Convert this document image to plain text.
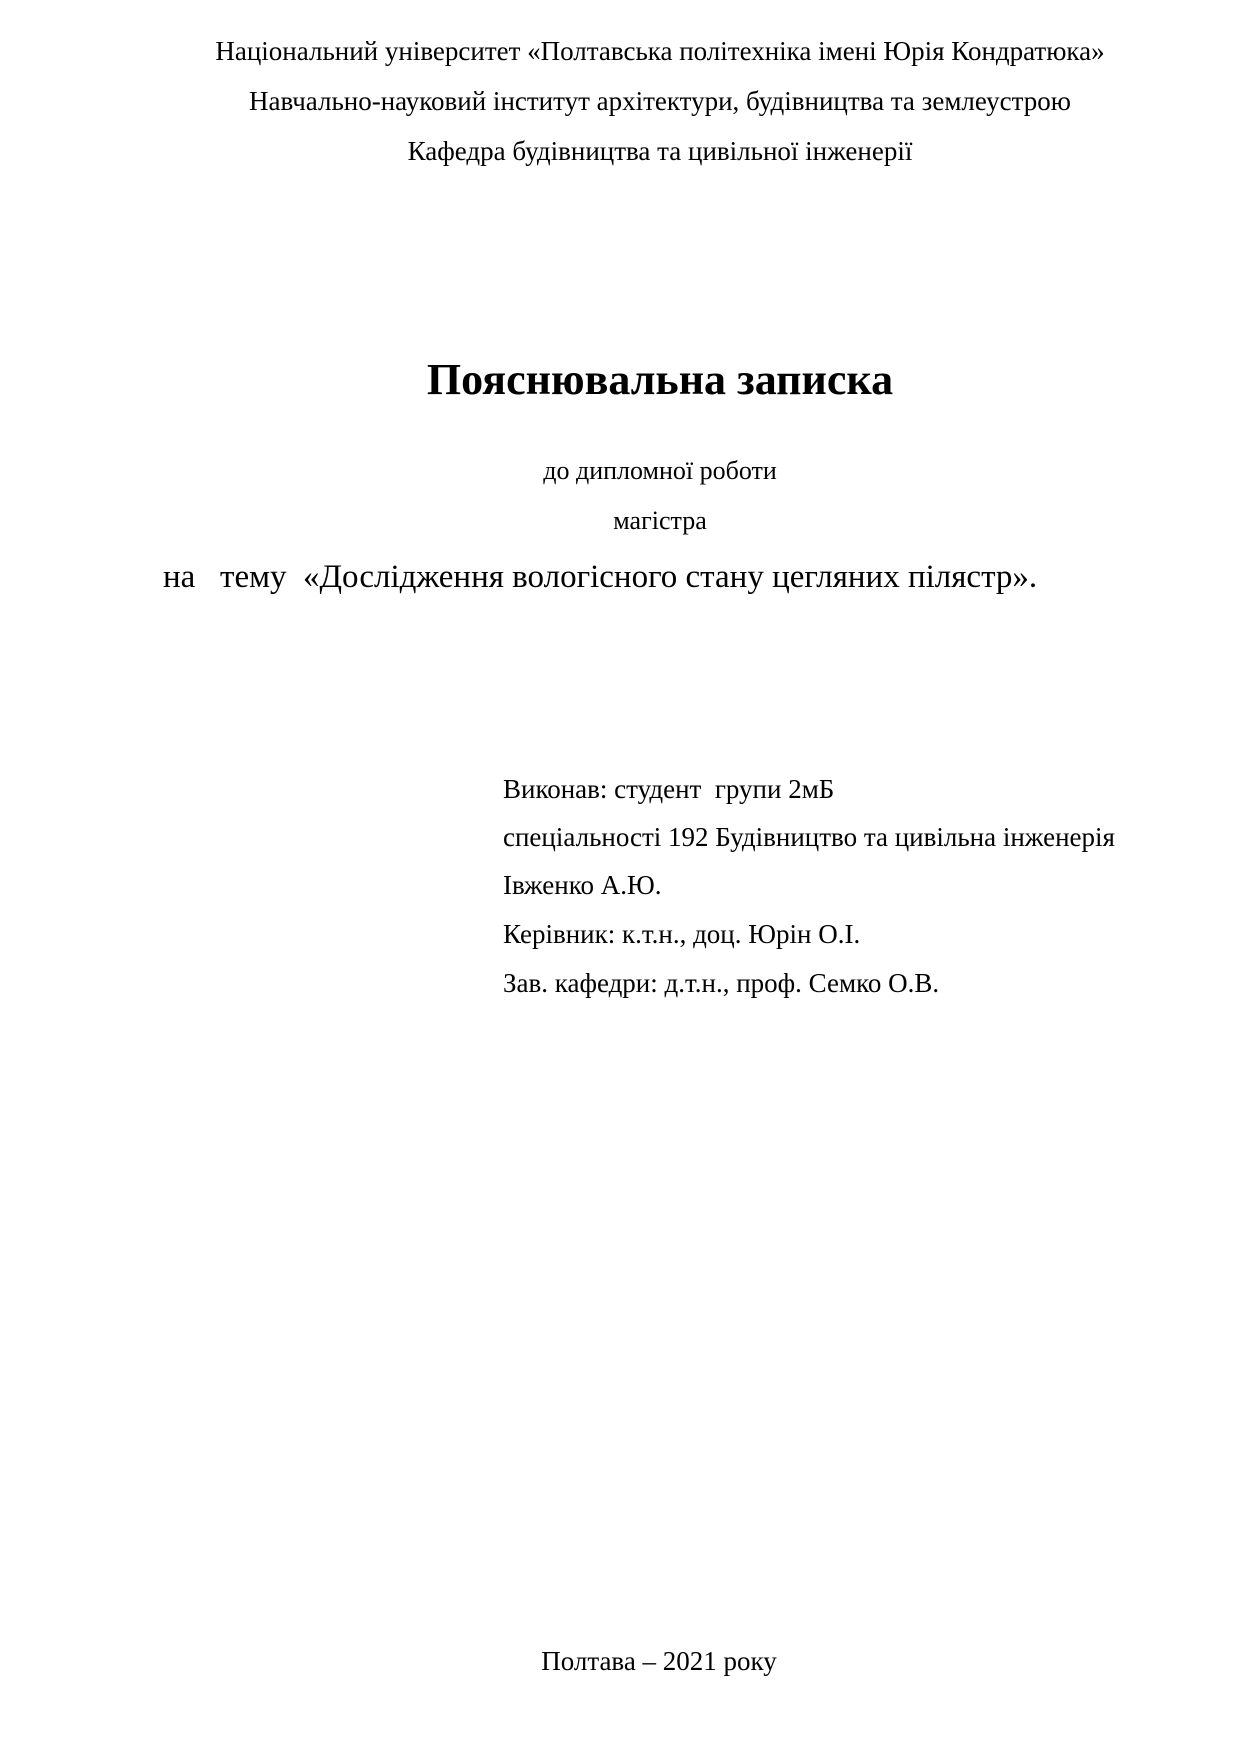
Національний університет «Полтавська політехніка імені Юрія Кондратюка»
Навчально-науковий інститут архітектури, будівництва та землеустрою
Кафедра будівництва та цивільної інженерії
Пояснювальна записка
до дипломної роботи
магістра
на   тему  «Дослідження вологісного стану цегляних пілястр».
Виконав: студент  групи 2мБ
спеціальності 192 Будівництво та цивільна інженерія
Івженко А.Ю.
Керівник: к.т.н., доц. Юрін О.І.
Зав. кафедри: д.т.н., проф. Семко О.В.
Полтава – 2021 року
